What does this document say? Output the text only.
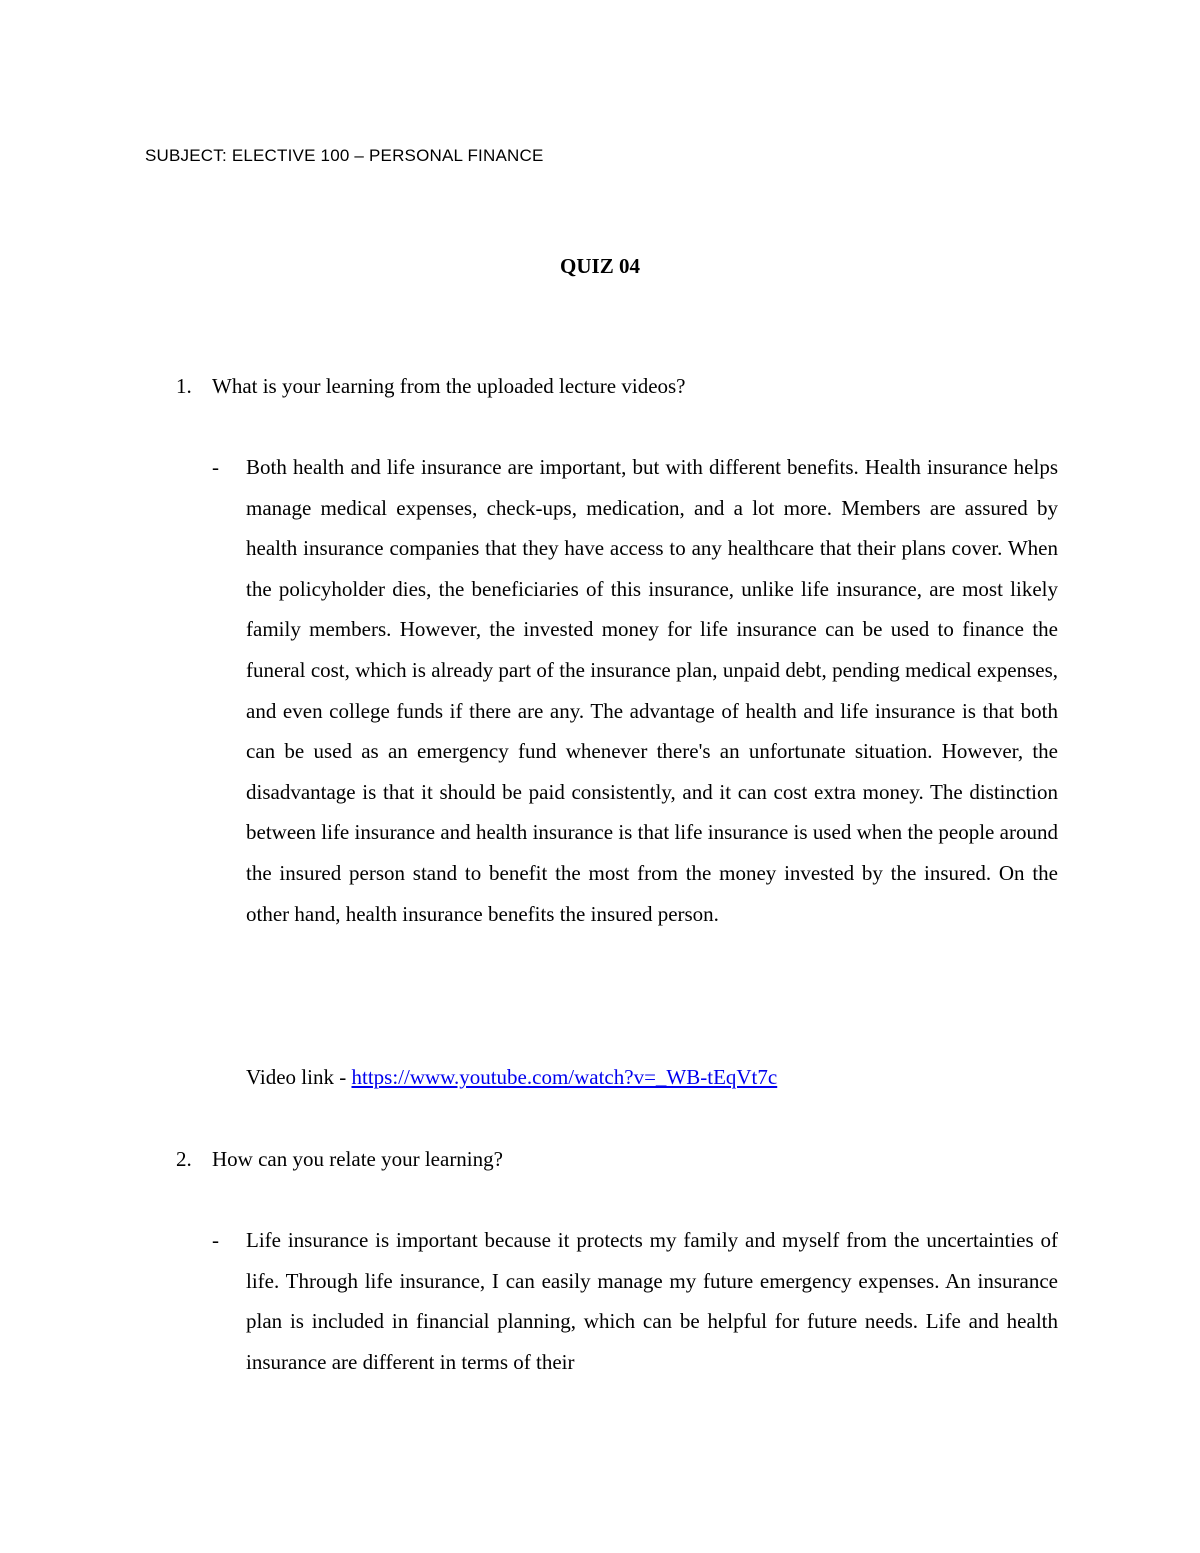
SUBJECT: ELECTIVE 100 – PERSONAL FINANCE
QUIZ 04
1. What is your learning from the uploaded lecture videos?
- Both health and life insurance are important, but with different benefits. Health insurance helps manage medical expenses, check-ups, medication, and a lot more. Members are assured by health insurance companies that they have access to any healthcare that their plans cover. When the policyholder dies, the beneficiaries of this insurance, unlike life insurance, are most likely family members. However, the invested money for life insurance can be used to finance the funeral cost, which is already part of the insurance plan, unpaid debt, pending medical expenses, and even college funds if there are any. The advantage of health and life insurance is that both can be used as an emergency fund whenever there's an unfortunate situation. However, the disadvantage is that it should be paid consistently, and it can cost extra money. The distinction between life insurance and health insurance is that life insurance is used when the people around the insured person stand to benefit the most from the money invested by the insured. On the other hand, health insurance benefits the insured person.

Video link - https://www.youtube.com/watch?v=_WB-tEqVt7c
2. How can you relate your learning?
- Life insurance is important because it protects my family and myself from the uncertainties of life. Through life insurance, I can easily manage my future emergency expenses. An insurance plan is included in financial planning, which can be helpful for future needs. Life and health insurance are different in terms of their
